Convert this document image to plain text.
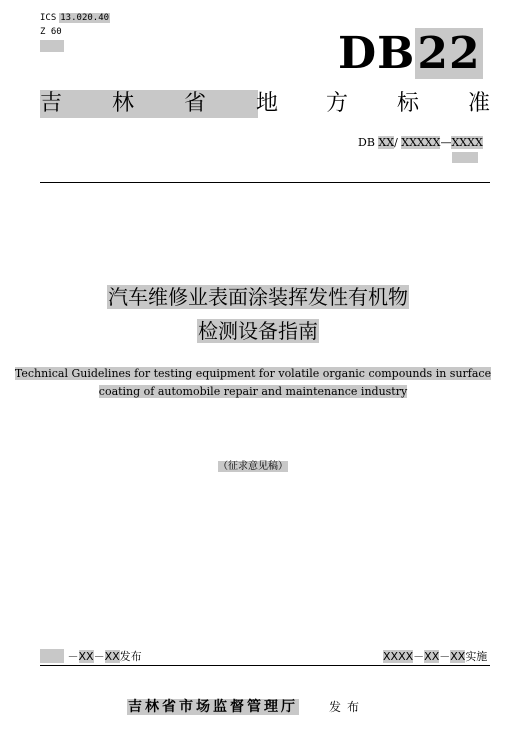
ICS 13.020.40
Z 60	DB22
吉 林 省 地 方 标 准
DB XX/ XXXXX—XXXX
汽车维修业表面涂装挥发性有机物
检测设备指南
Technical Guidelines for testing equipment for volatile organic compounds in surface
coating of automobile repair and maintenance industry
（征求意见稿）
－XX－XX发布	XXXX－XX－XX实施
吉林省市场监督管理厅	发布
